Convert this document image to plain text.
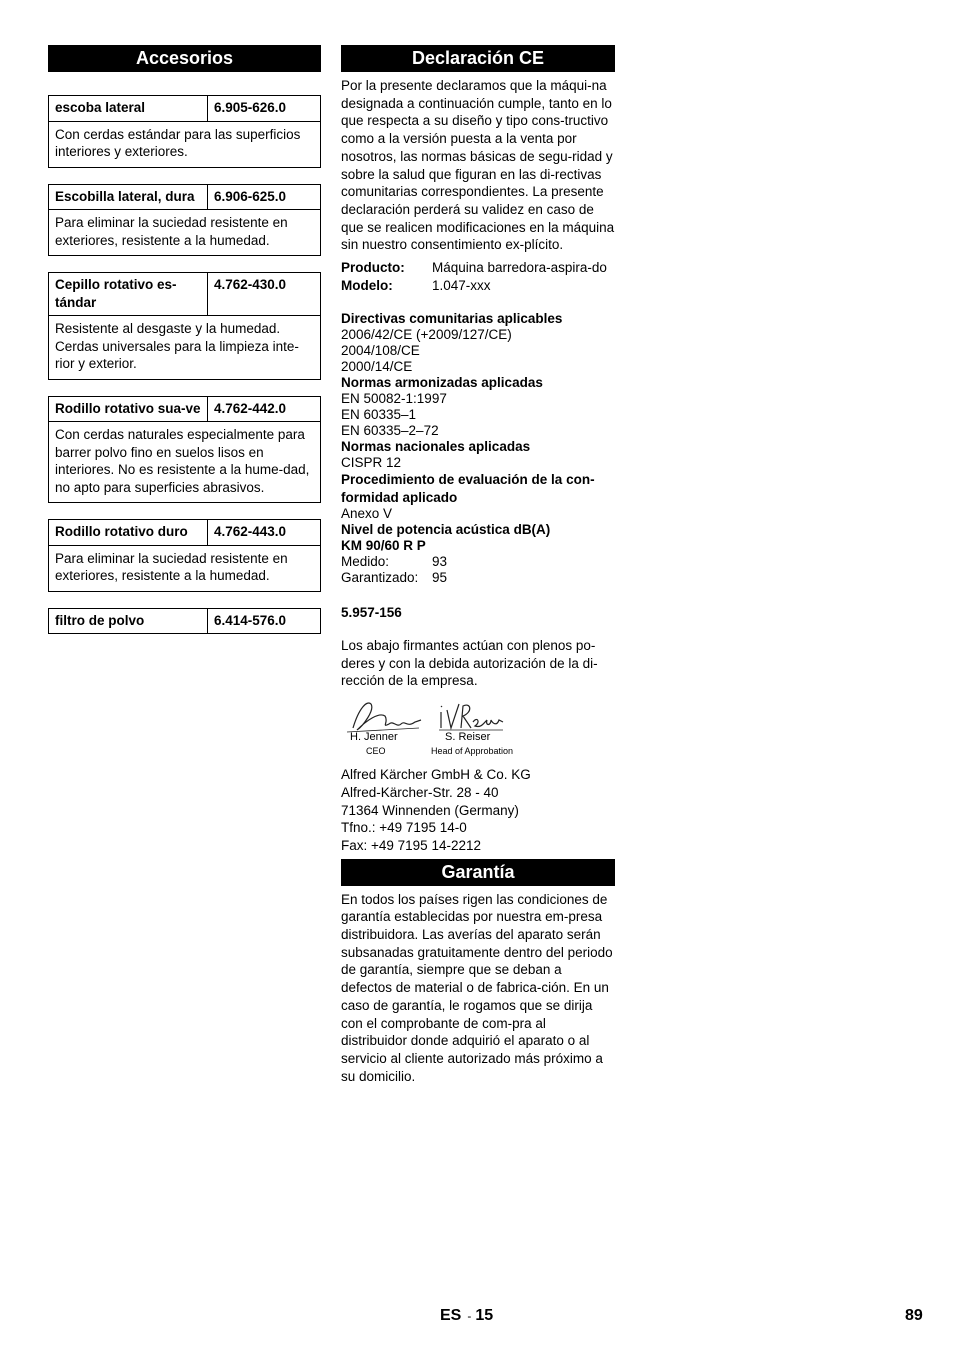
Accesorios
escoba lateral	6.905-626.0
Con cerdas estándar para las superficios interiores y exteriores.
Escobilla lateral, dura	6.906-625.0
Para eliminar la suciedad resistente en exteriores, resistente a la humedad.
Cepillo rotativo es-tándar	4.762-430.0
Resistente al desgaste y la humedad. Cerdas universales para la limpieza inte-rior y exterior.
Rodillo rotativo sua-ve	4.762-442.0
Con cerdas naturales especialmente para barrer polvo fino en suelos lisos en interiores. No es resistente a la hume-dad, no apto para superficies abrasivos.
Rodillo rotativo duro	4.762-443.0
Para eliminar la suciedad resistente en exteriores, resistente a la humedad.
filtro de polvo	6.414-576.0
Declaración CE

Por la presente declaramos que la máqui-na designada a continuación cumple, tanto en lo que respecta a su diseño y tipo cons-tructivo como a la versión puesta a la venta por nosotros, las normas básicas de segu-ridad y sobre la salud que figuran en las di-rectivas comunitarias correspondientes. La presente declaración perderá su validez en caso de que se realicen modificaciones en la máquina sin nuestro consentimiento ex-plícito.

Producto:	Máquina barredora-aspira-do
Modelo:	1.047-xxx
Directivas comunitarias aplicables
2006/42/CE (+2009/127/CE)
2004/108/CE
2000/14/CE
Normas armonizadas aplicadas
EN 50082-1:1997
EN 60335–1
EN 60335–2–72
Normas nacionales aplicadas
CISPR 12
Procedimiento de evaluación de la con-formidad aplicado
Anexo V
Nivel de potencia acústica dB(A)
KM 90/60 R P
Medido:	93
Garantizado:	95
5.957-156

Los abajo firmantes actúan con plenos po-deres y con la debida autorización de la di-rección de la empresa.

H. Jenner
CEO
S. Reiser
Head of Approbation
Alfred Kärcher GmbH & Co. KG
Alfred-Kärcher-Str. 28 - 40
71364 Winnenden (Germany)
Tfno.: +49 7195 14-0
Fax: +49 7195 14-2212
Garantía

En todos los países rigen las condiciones de garantía establecidas por nuestra em-presa distribuidora. Las averías del aparato serán subsanadas gratuitamente dentro del periodo de garantía, siempre que se deban a defectos de material o de fabrica-ción. En un caso de garantía, le rogamos que se dirija con el comprobante de com-pra al distribuidor donde adquirió el aparato o al servicio al cliente autorizado más próximo a su domicilio.

ES - 15	89
